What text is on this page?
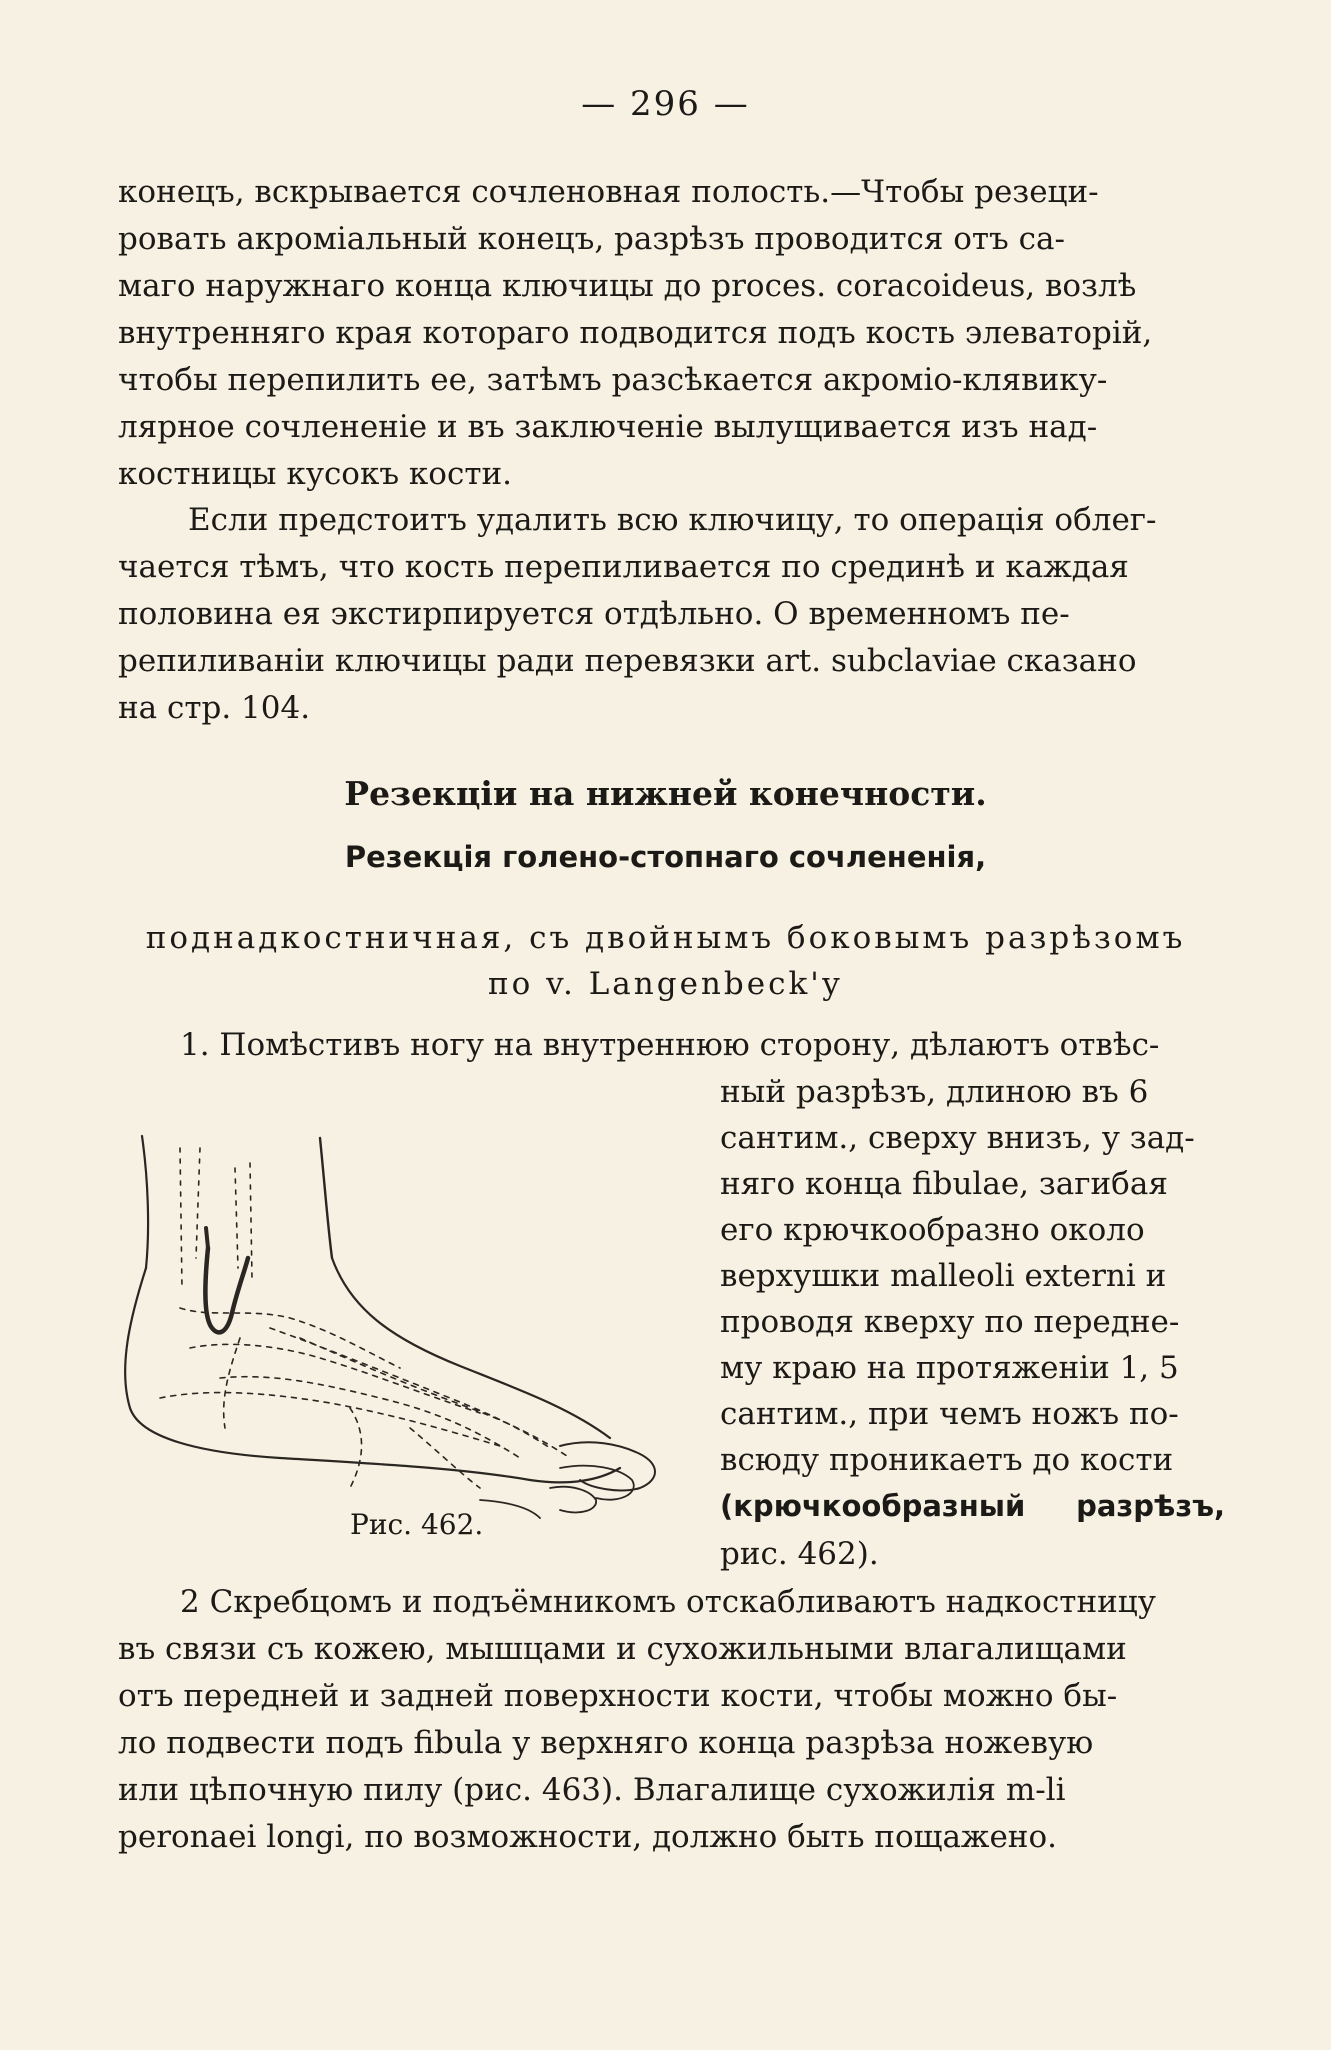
— 296 —
конецъ, вскрывается сочленовная полость.—Чтобы резеци-
ровать акроміальный конецъ, разрѣзъ проводится отъ са-
маго наружнаго конца ключицы до proces. coracoideus, возлѣ
внутренняго края котораго подводится подъ кость элеваторій,
чтобы перепилить ее, затѣмъ разсѣкается акроміо-клявику-
лярное сочлененіе и въ заключеніе вылущивается изъ над-
костницы кусокъ кости.
Если предстоитъ удалить всю ключицу, то операція облег-
чается тѣмъ, что кость перепиливается по срединѣ и каждая
половина ея экстирпируется отдѣльно. О временномъ пе-
репиливаніи ключицы ради перевязки art. subclaviae сказано
на стр. 104.
Резекціи на нижней конечности.
Резекція голено-стопнаго сочлененія,
поднадкостничная, съ двойнымъ боковымъ разрѣзомъ
по v. Langenbeck'у
1. Помѣстивъ ногу на внутреннюю сторону, дѣлаютъ отвѣс-
ный разрѣзъ, длиною въ 6
сантим., сверху внизъ, у зад-
няго конца fibulae, загибая
его крючкообразно около
верхушки malleoli externi и
проводя кверху по передне-
му краю на протяженіи 1, 5
сантим., при чемъ ножъ по-
всюду проникаетъ до кости
(крючкообразный разрѣзъ,
рис. 462).
Рис. 462.
2 Скребцомъ и подъёмникомъ отскабливаютъ надкостницу
въ связи съ кожею, мышцами и сухожильными влагалищами
отъ передней и задней поверхности кости, чтобы можно бы-
ло подвести подъ fibula у верхняго конца разрѣза ножевую
или цѣпочную пилу (рис. 463). Влагалище сухожилія m-li
peronaei longi, по возможности, должно быть пощажено.
